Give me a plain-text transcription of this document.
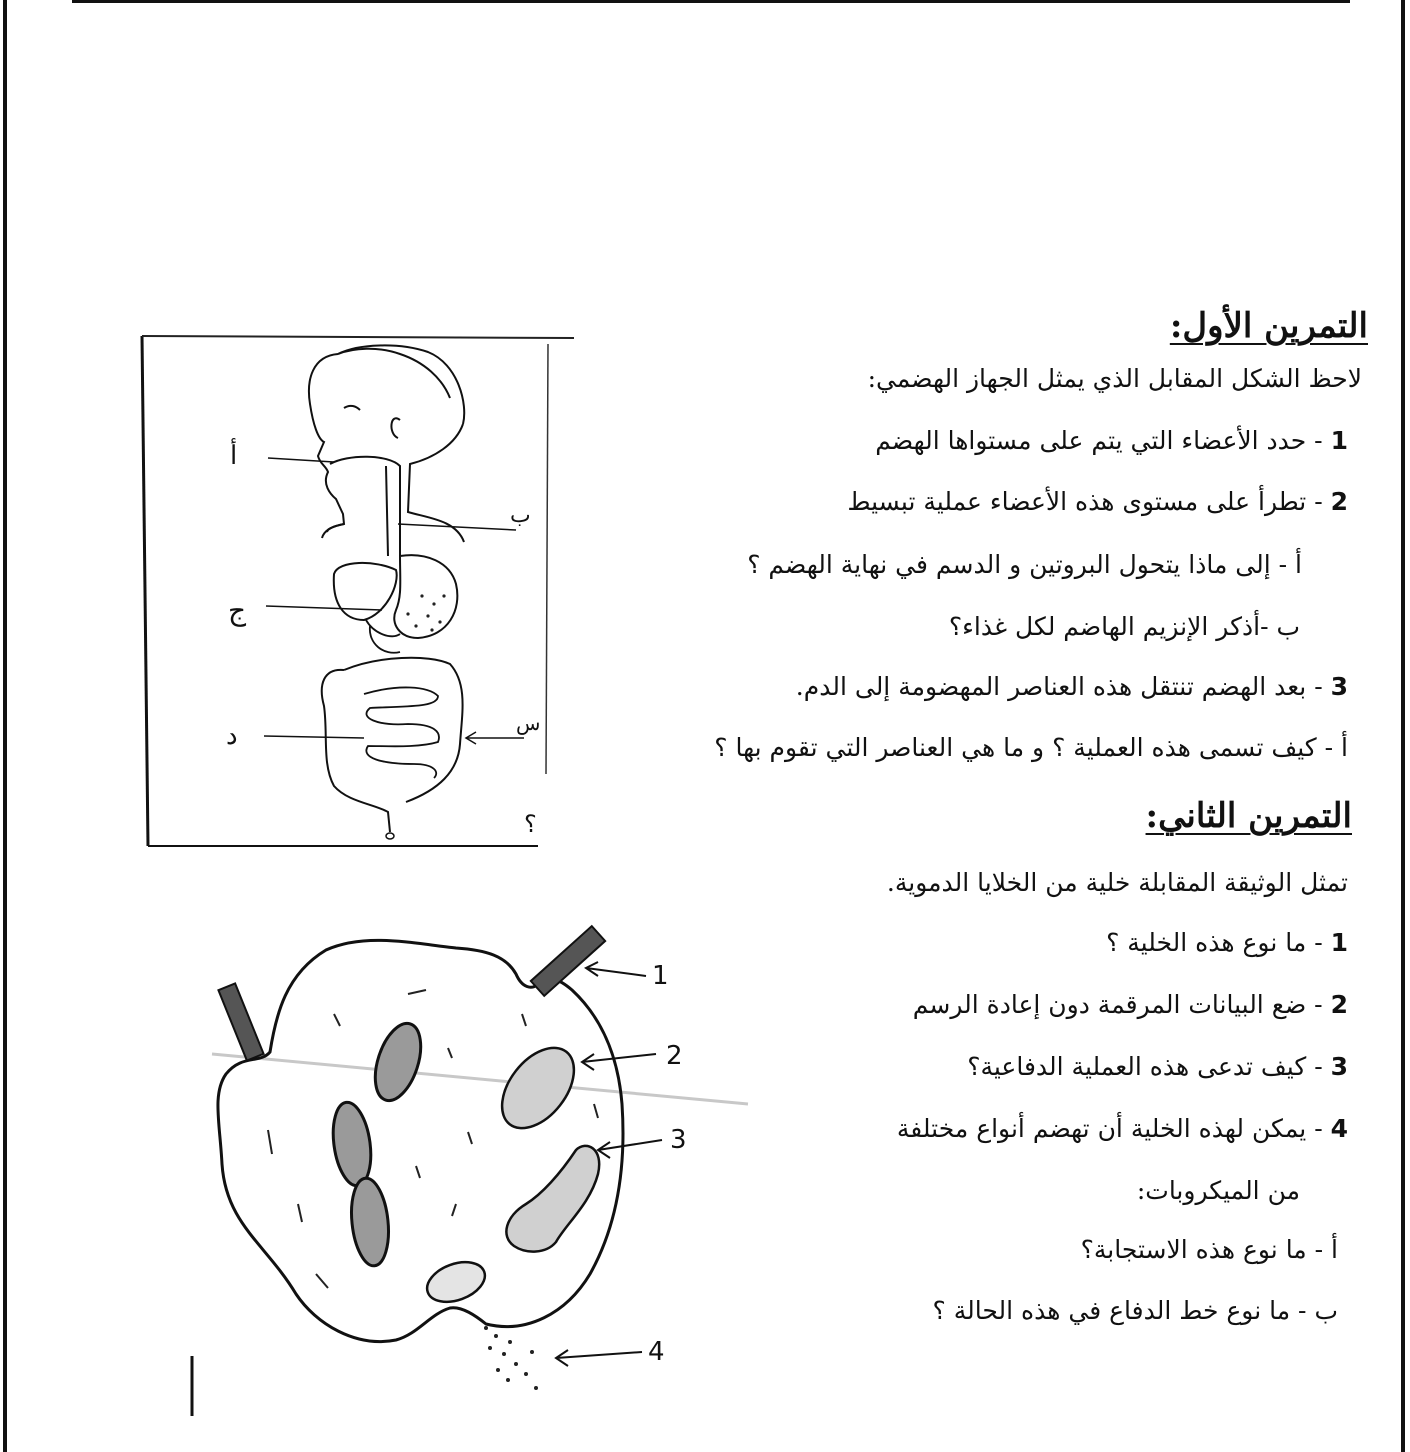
التمرين الأول:
لاحظ الشكل المقابل الذي يمثل الجهاز الهضمي:
1 - حدد الأعضاء التي يتم على مستواها الهضم
2 - تطرأ على مستوى هذه الأعضاء عملية تبسيط
أ - إلى ماذا يتحول البروتين و الدسم في نهاية الهضم ؟
ب -أذكر الإنزيم الهاضم لكل غذاء؟
3 - بعد الهضم تنتقل هذه العناصر المهضومة إلى الدم.
أ - كيف تسمى هذه العملية ؟ و ما هي العناصر التي تقوم بها ؟
التمرين الثاني:
تمثل الوثيقة المقابلة خلية من الخلايا الدموية.
1 - ما نوع هذه الخلية ؟
2 - ضع البيانات المرقمة دون إعادة الرسم
3 - كيف تدعى هذه العملية الدفاعية؟
4 - يمكن لهذه الخلية أن تهضم أنواع مختلفة
من الميكروبات:
أ - ما نوع هذه الاستجابة؟
ب - ما نوع خط الدفاع في هذه الحالة ؟
أ
ب
ج
د	س
؟
1
2
3
4
